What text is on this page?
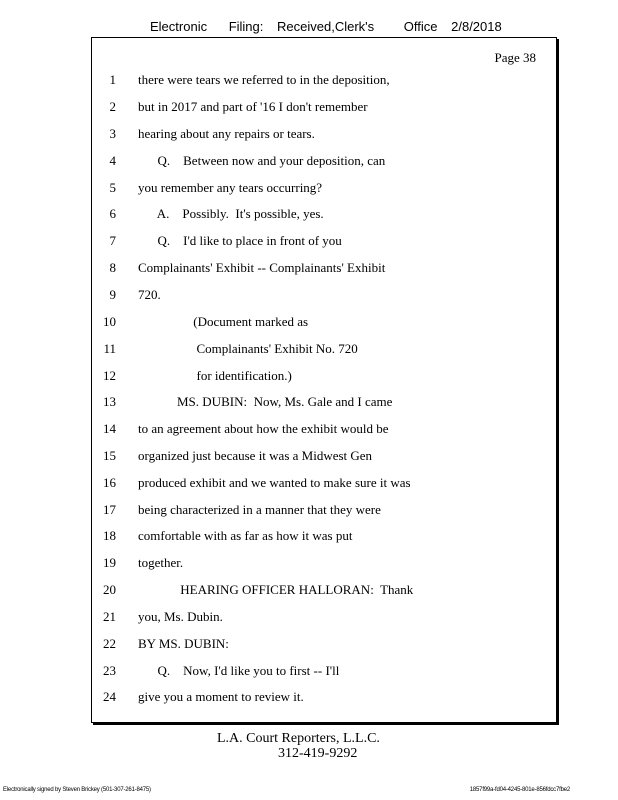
Electronic Filing: Received,Clerk's Office 2/8/2018
Page 38
1 there were tears we referred to in the deposition,
2 but in 2017 and part of '16 I don't remember
3 hearing about any repairs or tears.
4 Q.    Between now and your deposition, can
5 you remember any tears occurring?
6 A.    Possibly.  It's possible, yes.
7 Q.    I'd like to place in front of you
8 Complainants' Exhibit -- Complainants' Exhibit
9 720.
10 (Document marked as
11 Complainants' Exhibit No. 720
12 for identification.)
13 MS. DUBIN:  Now, Ms. Gale and I came
14 to an agreement about how the exhibit would be
15 organized just because it was a Midwest Gen
16 produced exhibit and we wanted to make sure it was
17 being characterized in a manner that they were
18 comfortable with as far as how it was put
19 together.
20 HEARING OFFICER HALLORAN:  Thank
21 you, Ms. Dubin.
22 BY MS. DUBIN:
23 Q.    Now, I'd like you to first -- I'll
24 give you a moment to review it.
L.A. Court Reporters, L.L.C.
312-419-9292
Electronically signed by Steven Brickey (501-307-261-8475)	1857f99a-fd04-4245-801e-856fdcc7fbe2
